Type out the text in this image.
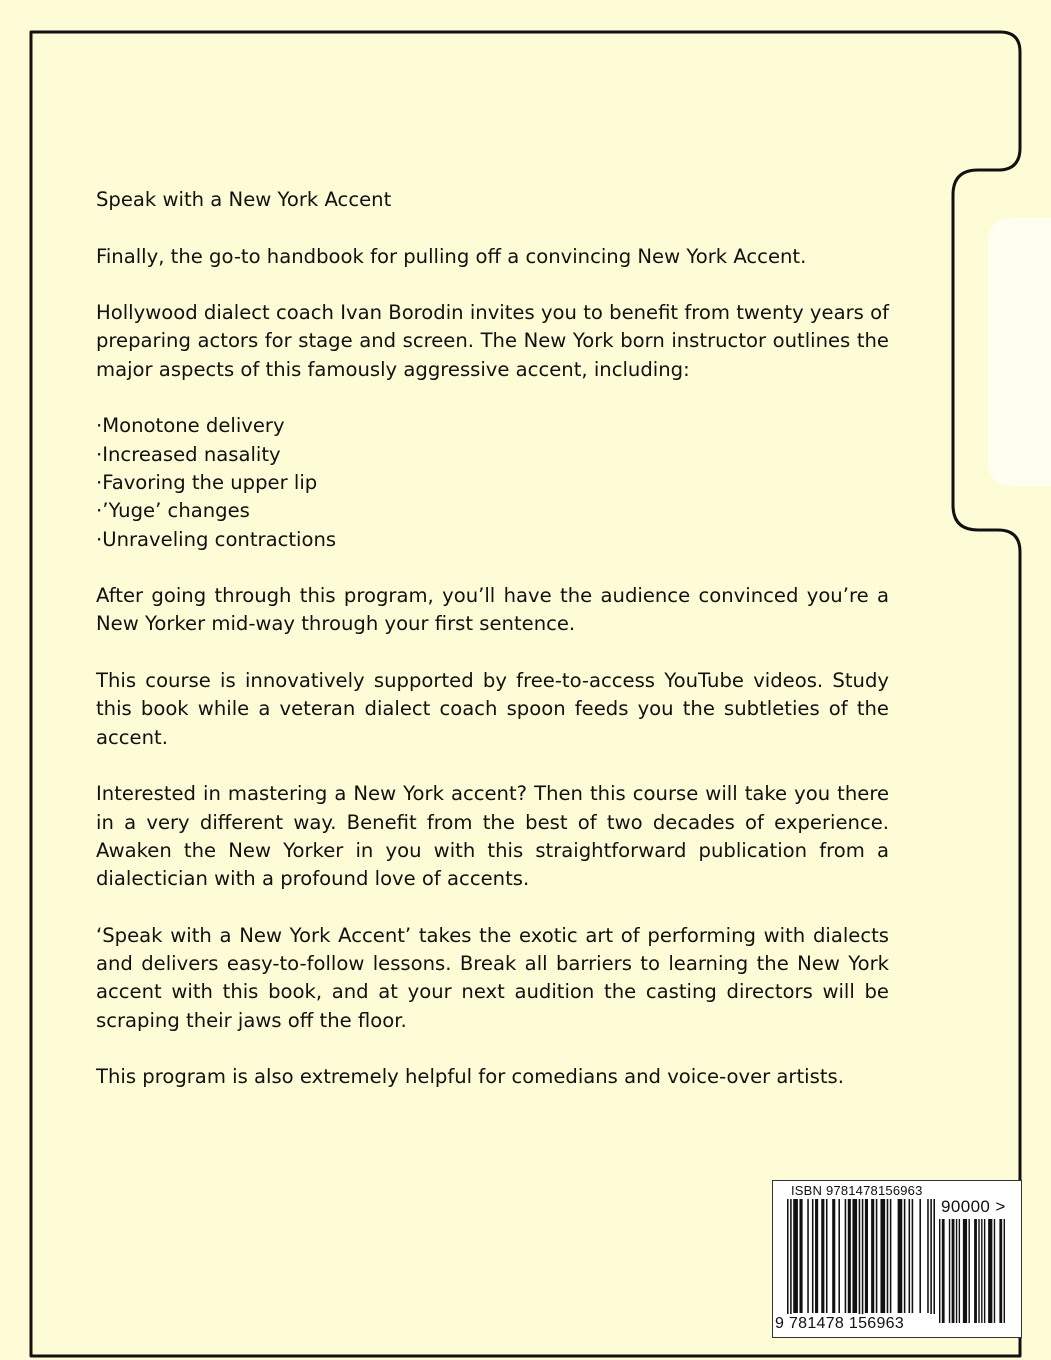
Speak with a New York Accent

Finally, the go-to handbook for pulling off a convincing New York Accent.

Hollywood dialect coach Ivan Borodin invites you to benefit from twenty years of preparing actors for stage and screen. The New York born instructor outlines the major aspects of this famously aggressive accent, including:

·Monotone delivery
·Increased nasality
·Favoring the upper lip
·’Yuge’ changes
·Unraveling contractions

After going through this program, you’ll have the audience convinced you’re a New Yorker mid-way through your first sentence.

This course is innovatively supported by free-to-access YouTube videos. Study this book while a veteran dialect coach spoon feeds you the subtleties of the accent.

Interested in mastering a New York accent? Then this course will take you there in a very different way. Benefit from the best of two decades of experience. Awaken the New Yorker in you with this straightforward publication from a dialectician with a profound love of accents.

‘Speak with a New York Accent’ takes the exotic art of performing with dialects and delivers easy-to-follow lessons. Break all barriers to learning the New York accent with this book, and at your next audition the casting directors will be scraping their jaws off the floor.

This program is also extremely helpful for comedians and voice-over artists.

ISBN 9781478156963
9 781478 156963
90000 >
